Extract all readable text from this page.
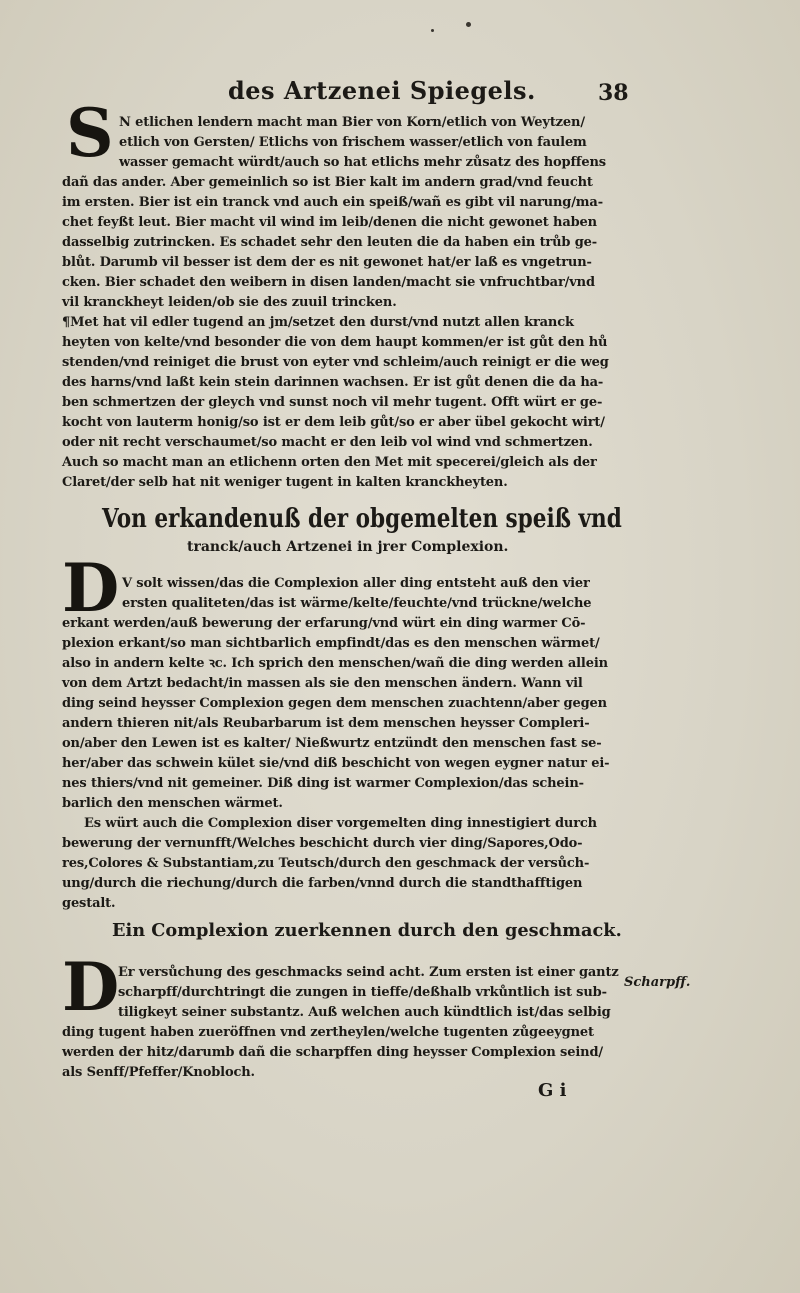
des Artzenei Spiegels.	38
S N etlichen lendern macht man Bier von Korn/etlich von Weytzen/
etlich von Gersten/ Etlichs von frischem wasser/etlich von faulem
wasser gemacht würdt/auch so hat etlichs mehr zůsatz des hopffens
dañ das ander. Aber gemeinlich so ist Bier kalt im andern grad/vnd feucht
im ersten. Bier ist ein tranck vnd auch ein speiß/wañ es gibt vil narung/ma-
chet feyßt leut. Bier macht vil wind im leib/denen die nicht gewonet haben
dasselbig zutrincken. Es schadet sehr den leuten die da haben ein trůb ge-
blůt. Darumb vil besser ist dem der es nit gewonet hat/er laß es vngetrun-
cken. Bier schadet den weibern in disen landen/macht sie vnfruchtbar/vnd
vil kranckheyt leiden/ob sie des zuuil trincken.
¶Met hat vil edler tugend an jm/setzet den durst/vnd nutzt allen kranck
heyten von kelte/vnd besonder die von dem haupt kommen/er ist gůt den hů
stenden/vnd reiniget die brust von eyter vnd schleim/auch reinigt er die weg
des harns/vnd laßt kein stein darinnen wachsen. Er ist gůt denen die da ha-
ben schmertzen der gleych vnd sunst noch vil mehr tugent. Offt würt er ge-
kocht von lauterm honig/so ist er dem leib gůt/so er aber übel gekocht wirt/
oder nit recht verschaumet/so macht er den leib vol wind vnd schmertzen.
Auch so macht man an etlichenn orten den Met mit specerei/gleich als der
Claret/der selb hat nit weniger tugent in kalten kranckheyten.
Von erkandenuß der obgemelten speiß vnd
tranck/auch Artzenei in jrer Complexion.
D V solt wissen/das die Complexion aller ding entsteht auß den vier
ersten qualiteten/das ist wärme/kelte/feuchte/vnd trückne/welche
erkant werden/auß bewerung der erfarung/vnd würt ein ding warmer Cō-
plexion erkant/so man sichtbarlich empfindt/das es den menschen wärmet/
also in andern kelte ꝛc. Ich sprich den menschen/wañ die ding werden allein
von dem Artzt bedacht/in massen als sie den menschen ändern. Wann vil
ding seind heysser Complexion gegen dem menschen zuachtenn/aber gegen
andern thieren nit/als Reubarbarum ist dem menschen heysser Compleri-
on/aber den Lewen ist es kalter/ Nießwurtz entzündt den menschen fast se-
her/aber das schwein kület sie/vnd diß beschicht von wegen eygner natur ei-
nes thiers/vnd nit gemeiner. Diß ding ist warmer Complexion/das schein-
barlich den menschen wärmet.
Es würt auch die Complexion diser vorgemelten ding innestigiert durch
bewerung der vernunfft/Welches beschicht durch vier ding/Sapores,Odo-
res,Colores & Substantiam,zu Teutsch/durch den geschmack der versůch-
ung/durch die riechung/durch die farben/vnnd durch die standthafftigen
gestalt.
Ein Complexion zuerkennen durch den geschmack.
D
Er versůchung des geschmacks seind acht. Zum ersten ist einer gantz
scharpff/durchtringt die zungen in tieffe/deßhalb vrkůntlich ist sub-
tiligkeyt seiner substantz. Auß welchen auch kündtlich ist/das selbig
ding tugent haben zueröffnen vnd zertheylen/welche tugenten zůgeeygnet
werden der hitz/darumb dañ die scharpffen ding heysser Complexion seind/
als Senff/Pfeffer/Knobloch.
Scharpff.
G i
